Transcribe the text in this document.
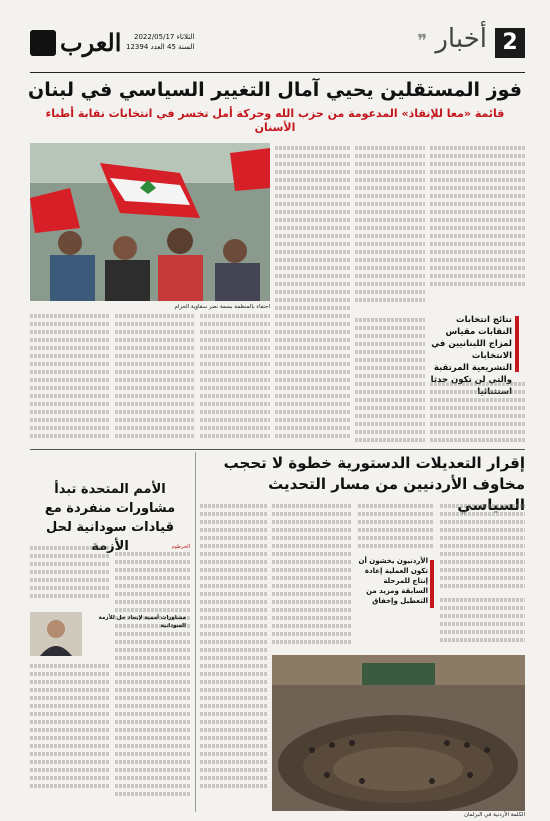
2
أخبار ❞
الثلاثاء 2022/05/17
السنة 45 العدد 12394
العرب
فوز المستقلين يحيي آمال التغيير السياسي في لبنان
قائمة «معا للإنقاذ» المدعومة من حزب الله وحركة أمل تخسر في انتخابات نقابة أطباء الأسنان
احتفاء بالمنظمة بسمة نصر سقاوية الحزام
نتائج انتخابات النقابات مقياس لمزاج اللبنانيين في الانتخابات التشريعية المرتقبة والتي لن تكون حدثا استثنائيا
إقرار التعديلات الدستورية خطوة لا تحجب مخاوف الأردنيين من مسار التحديث السياسي
الأردنيون يخشون أن تكون العملية إعادة إنتاج للمرحلة السابقة ومزيد من التعطيل وإخفاق
الكلمة الأردنية في البرلمان
الأمم المتحدة تبدأ مشاورات منفردة مع قيادات سودانية لحل الأزمة	الخرطوم
مشاورات أممية لإيجاد حل للأزمة السودانية
